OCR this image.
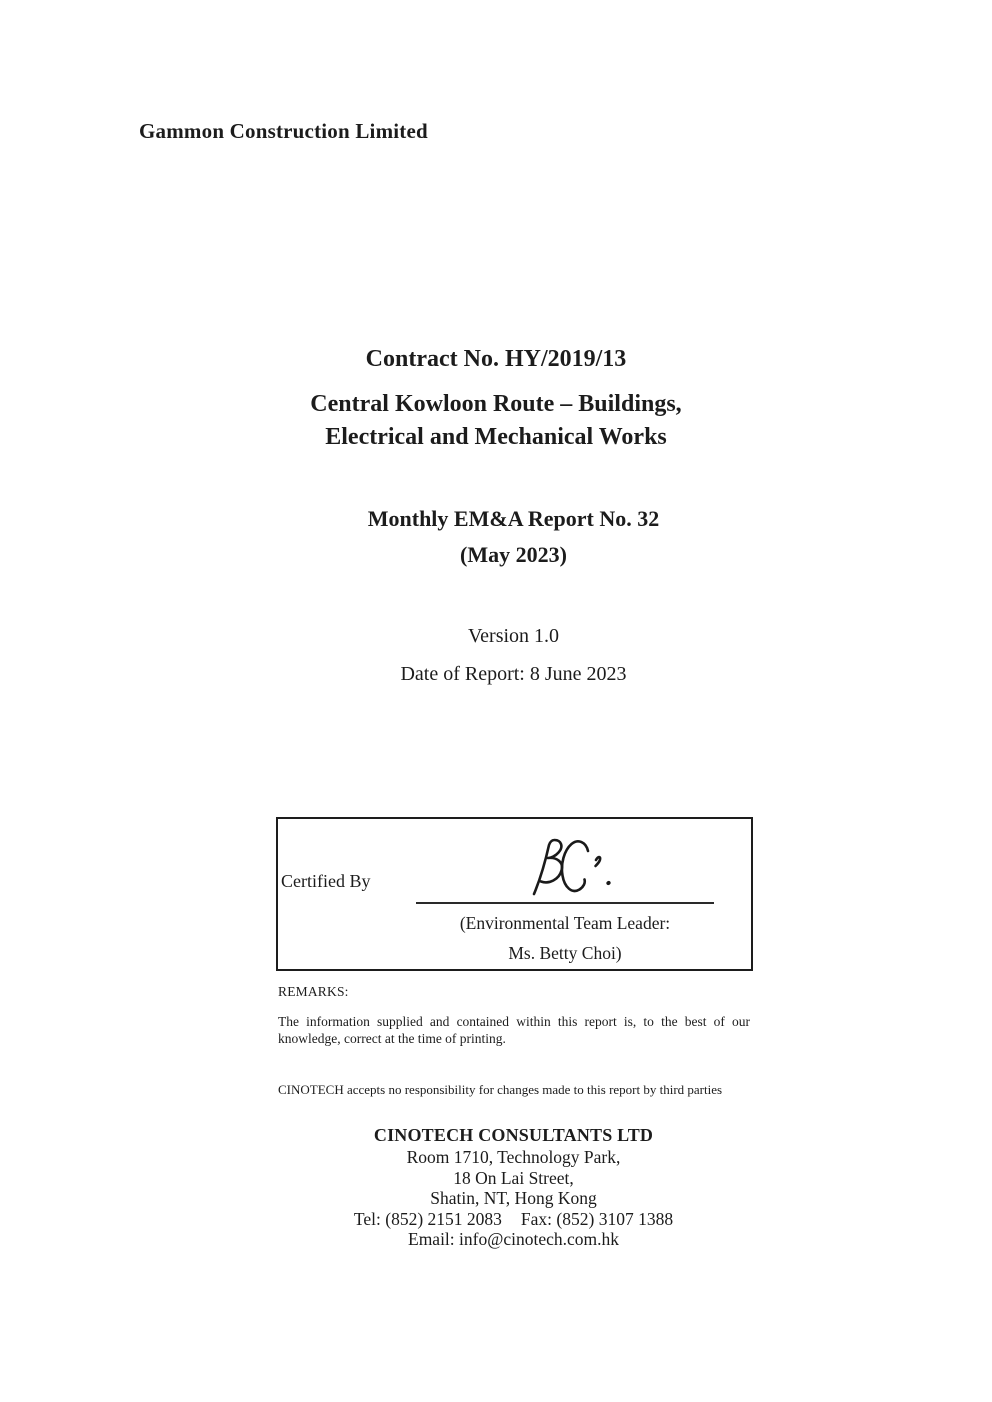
Gammon Construction Limited
Contract No. HY/2019/13
Central Kowloon Route – Buildings,
Electrical and Mechanical Works
Monthly EM&A Report No. 32
(May 2023)
Version 1.0
Date of Report: 8 June 2023
Certified By
(Environmental Team Leader:
Ms. Betty Choi)
REMARKS:
The information supplied and contained within this report is, to the best of our knowledge, correct at the time of printing.
CINOTECH accepts no responsibility for changes made to this report by third parties
CINOTECH CONSULTANTS LTD
Room 1710, Technology Park,
18 On Lai Street,
Shatin, NT, Hong Kong
Tel: (852) 2151 2083 Fax: (852) 3107 1388
Email: info@cinotech.com.hk
